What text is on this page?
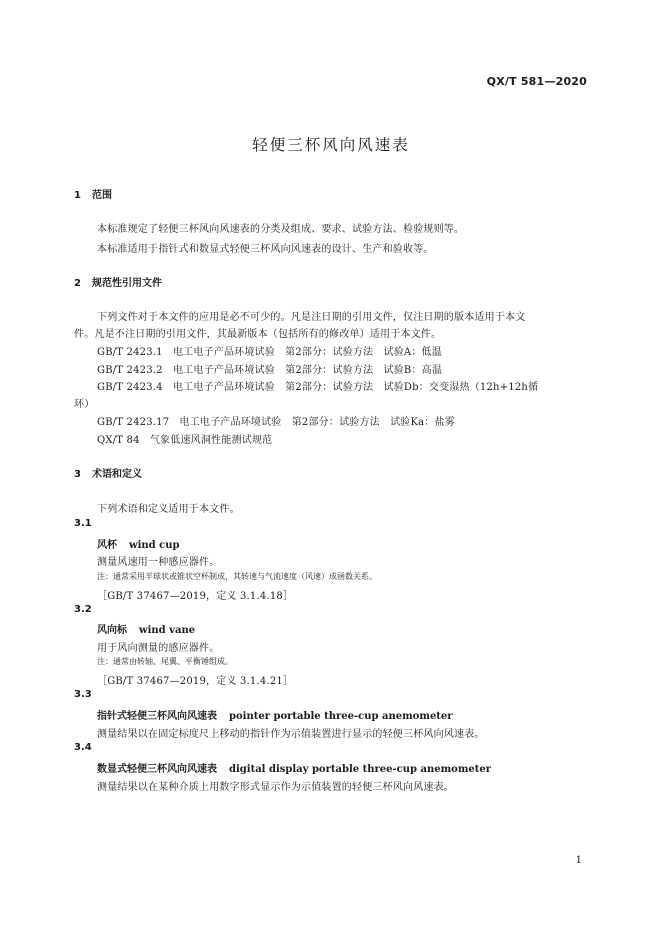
QX/T 581—2020
轻便三杯风向风速表
1 范围
本标准规定了轻便三杯风向风速表的分类及组成、要求、试验方法、检验规则等。
本标准适用于指针式和数显式轻便三杯风向风速表的设计、生产和验收等。
2 规范性引用文件
下列文件对于本文件的应用是必不可少的。凡是注日期的引用文件，仅注日期的版本适用于本文
件。凡是不注日期的引用文件，其最新版本（包括所有的修改单）适用于本文件。
GB/T 2423.1　电工电子产品环境试验　第2部分：试验方法　试验A：低温
GB/T 2423.2　电工电子产品环境试验　第2部分：试验方法　试验B：高温
GB/T 2423.4　电工电子产品环境试验　第2部分：试验方法　试验Db：交变湿热（12h+12h循
环）
GB/T 2423.17　电工电子产品环境试验　第2部分：试验方法　试验Ka：盐雾
QX/T 84　气象低速风洞性能测试规范
3 术语和定义
下列术语和定义适用于本文件。
3.1
风杯 wind cup
测量风速用一种感应器件。
注：通常采用半球状或锥状空杯制成，其转速与气流速度（风速）成函数关系。
［GB/T 37467—2019，定义 3.1.4.18］
3.2
风向标 wind vane
用于风向测量的感应器件。
注：通常由转轴、尾翼、平衡锤组成。
［GB/T 37467—2019，定义 3.1.4.21］
3.3
指针式轻便三杯风向风速表 pointer portable three-cup anemometer
测量结果以在固定标度尺上移动的指针作为示值装置进行显示的轻便三杯风向风速表。
3.4
数显式轻便三杯风向风速表 digital display portable three-cup anemometer
测量结果以在某种介质上用数字形式显示作为示值装置的轻便三杯风向风速表。
1
